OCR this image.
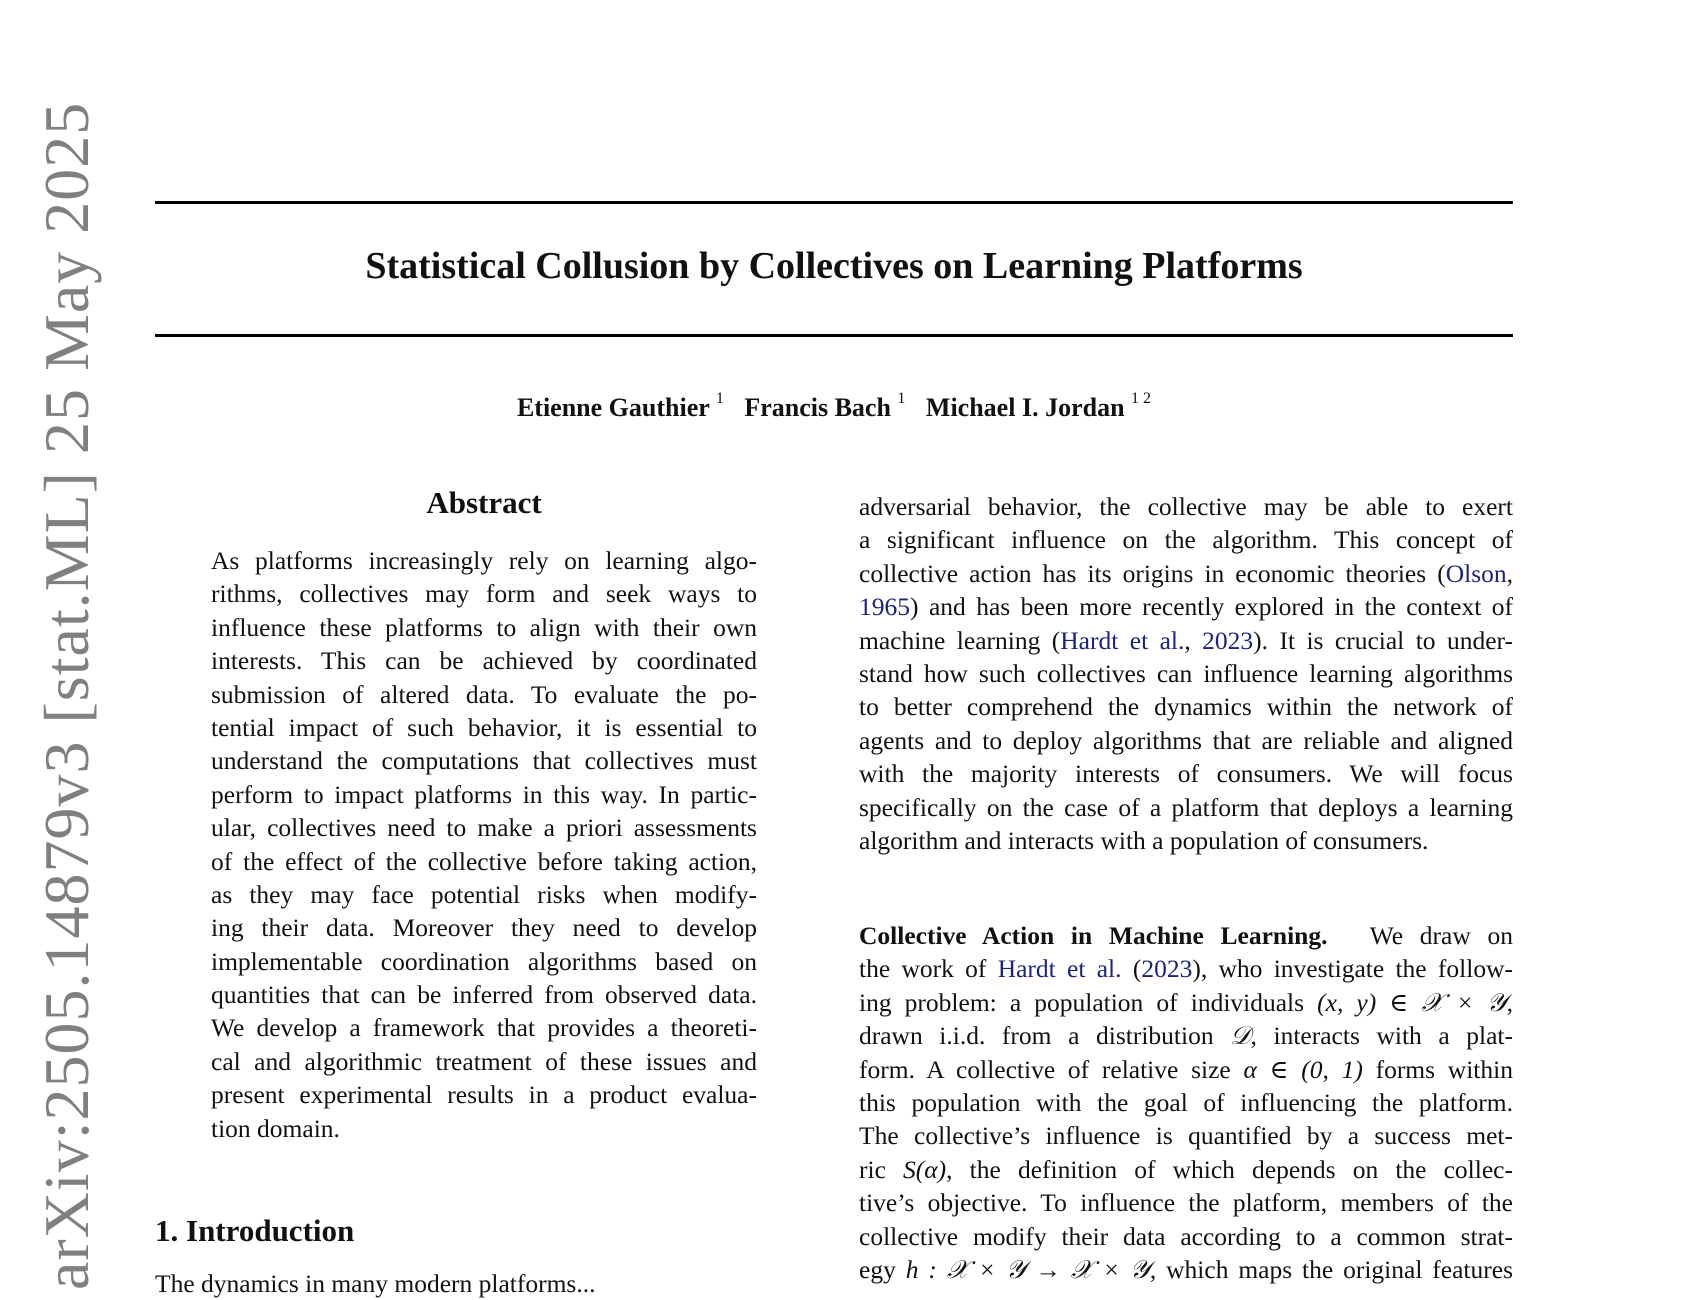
Statistical Collusion by Collectives on Learning Platforms
Etienne Gauthier $^1$ Francis Bach $^1$ Michael I. Jordan $^{1 2}$
arXiv:2505.14879v3 [stat.ML] 25 May 2025	Abstract
As platforms increasingly rely on learning algo-
rithms, collectives may form and seek ways to
influence these platforms to align with their own
interests. This can be achieved by coordinated
submission of altered data. To evaluate the po-
tential impact of such behavior, it is essential to
understand the computations that collectives must
perform to impact platforms in this way. In partic-
ular, collectives need to make a priori assessments
of the effect of the collective before taking action,
as they may face potential risks when modify-
ing their data. Moreover they need to develop
implementable coordination algorithms based on
quantities that can be inferred from observed data.
We develop a framework that provides a theoreti-
cal and algorithmic treatment of these issues and
present experimental results in a product evalua-
tion domain.
adversarial behavior, the collective may be able to exert
a significant influence on the algorithm. This concept of
collective action has its origins in economic theories (Olson,
1965) and has been more recently explored in the context of
machine learning (Hardt et al., 2023). It is crucial to under-
stand how such collectives can influence learning algorithms
to better comprehend the dynamics within the network of
agents and to deploy algorithms that are reliable and aligned
with the majority interests of consumers. We will focus
specifically on the case of a platform that deploys a learning
algorithm and interacts with a population of consumers.
Collective Action in Machine Learning.  We draw on
the work of Hardt et al. (2023), who investigate the follow-
ing problem: a population of individuals (x, y) ∈ 𝒳 × 𝒴,
drawn i.i.d. from a distribution 𝒟, interacts with a plat-
form. A collective of relative size α ∈ (0, 1) forms within
this population with the goal of influencing the platform.
The collective’s influence is quantified by a success met-
ric S(α), the definition of which depends on the collec-
tive’s objective. To influence the platform, members of the
collective modify their data according to a common strat-
egy h : 𝒳 × 𝒴 → 𝒳 × 𝒴, which maps the original features
1. Introduction
The dynamics in many modern platforms...
